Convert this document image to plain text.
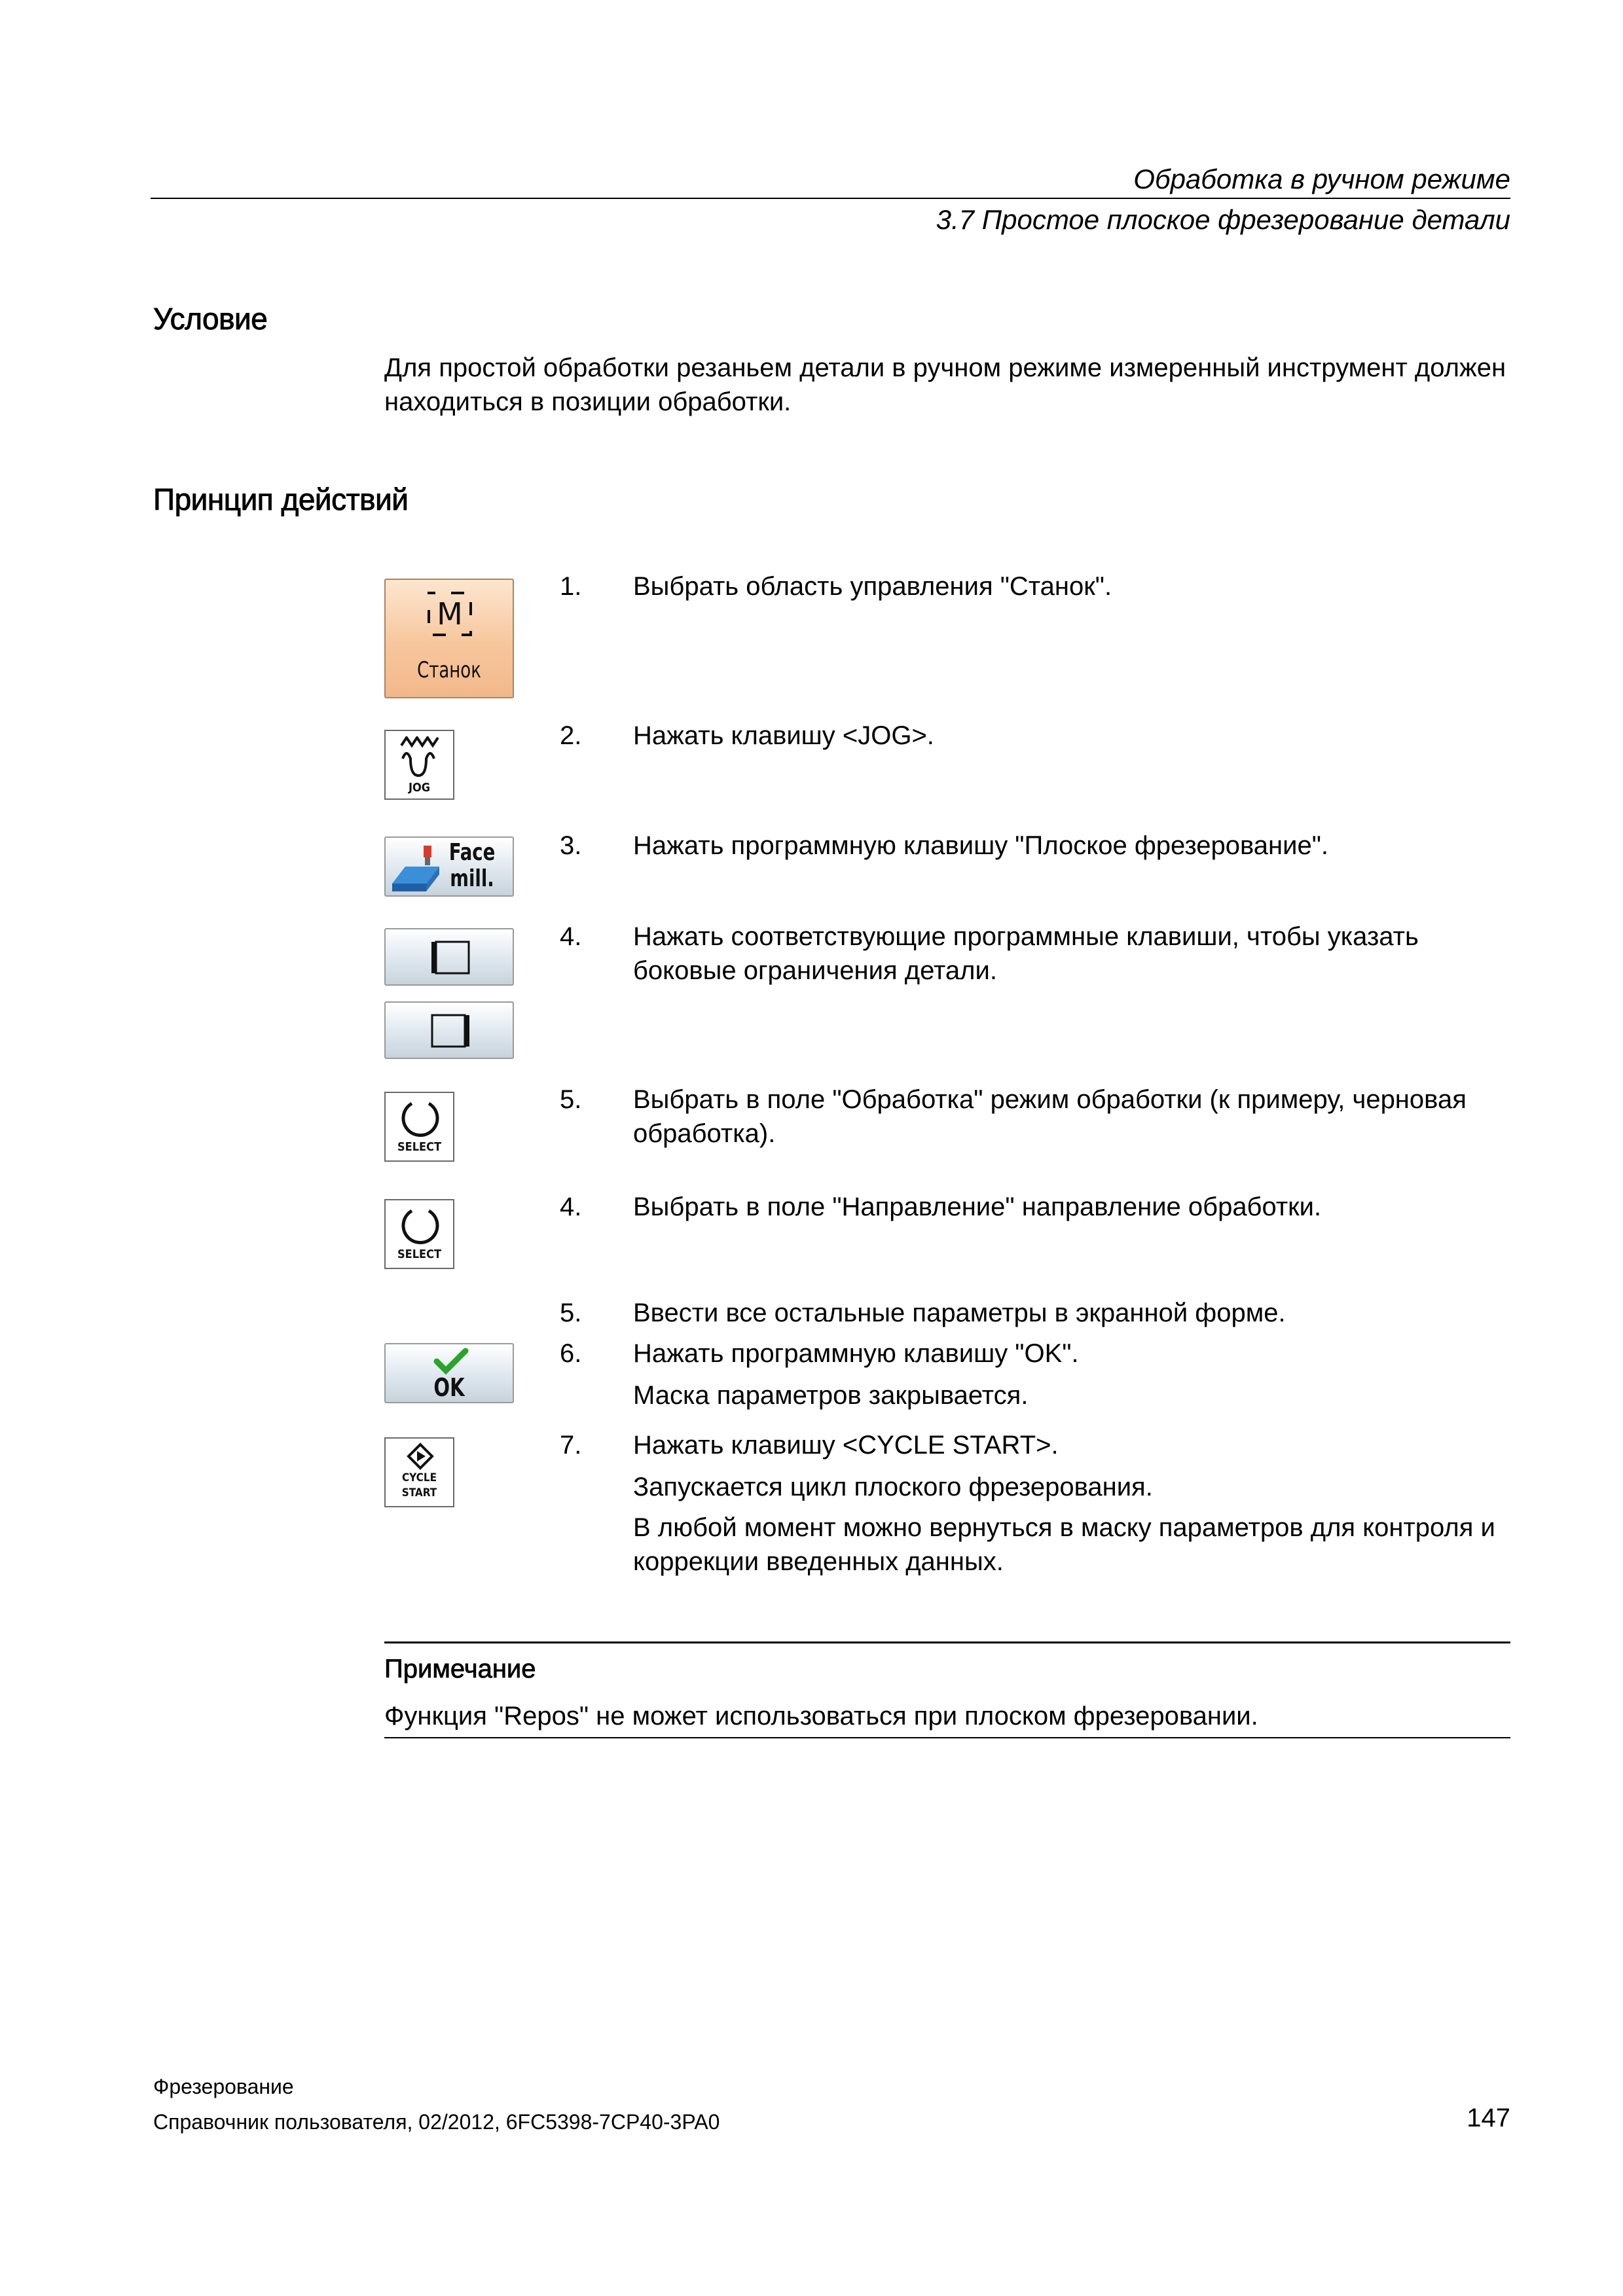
Обработка в ручном режиме
3.7 Простое плоское фрезерование детали
Условие
Для простой обработки резаньем детали в ручном режиме измеренный инструмент должен находиться в позиции обработки.
Принцип действий
M
Станок
1. Выбрать область управления "Станок".
JOG
2. Нажать клавишу <JOG>.
Face
mill.
3. Нажать программную клавишу "Плоское фрезерование".
4. Нажать соответствующие программные клавиши, чтобы указать боковые ограничения детали.
SELECT
5. Выбрать в поле "Обработка" режим обработки (к примеру, черновая обработка).
SELECT
4. Выбрать в поле "Направление" направление обработки.
5. Ввести все остальные параметры в экранной форме.
OK
6. Нажать программную клавишу "OK".
Маска параметров закрывается.
CYCLE
START
7. Нажать клавишу <CYCLE START>.
Запускается цикл плоского фрезерования.
В любой момент можно вернуться в маску параметров для контроля и коррекции введенных данных.
Примечание
Функция "Repos" не может использоваться при плоском фрезеровании.
Фрезерование
Справочник пользователя, 02/2012, 6FC5398-7CP40-3PA0	147
